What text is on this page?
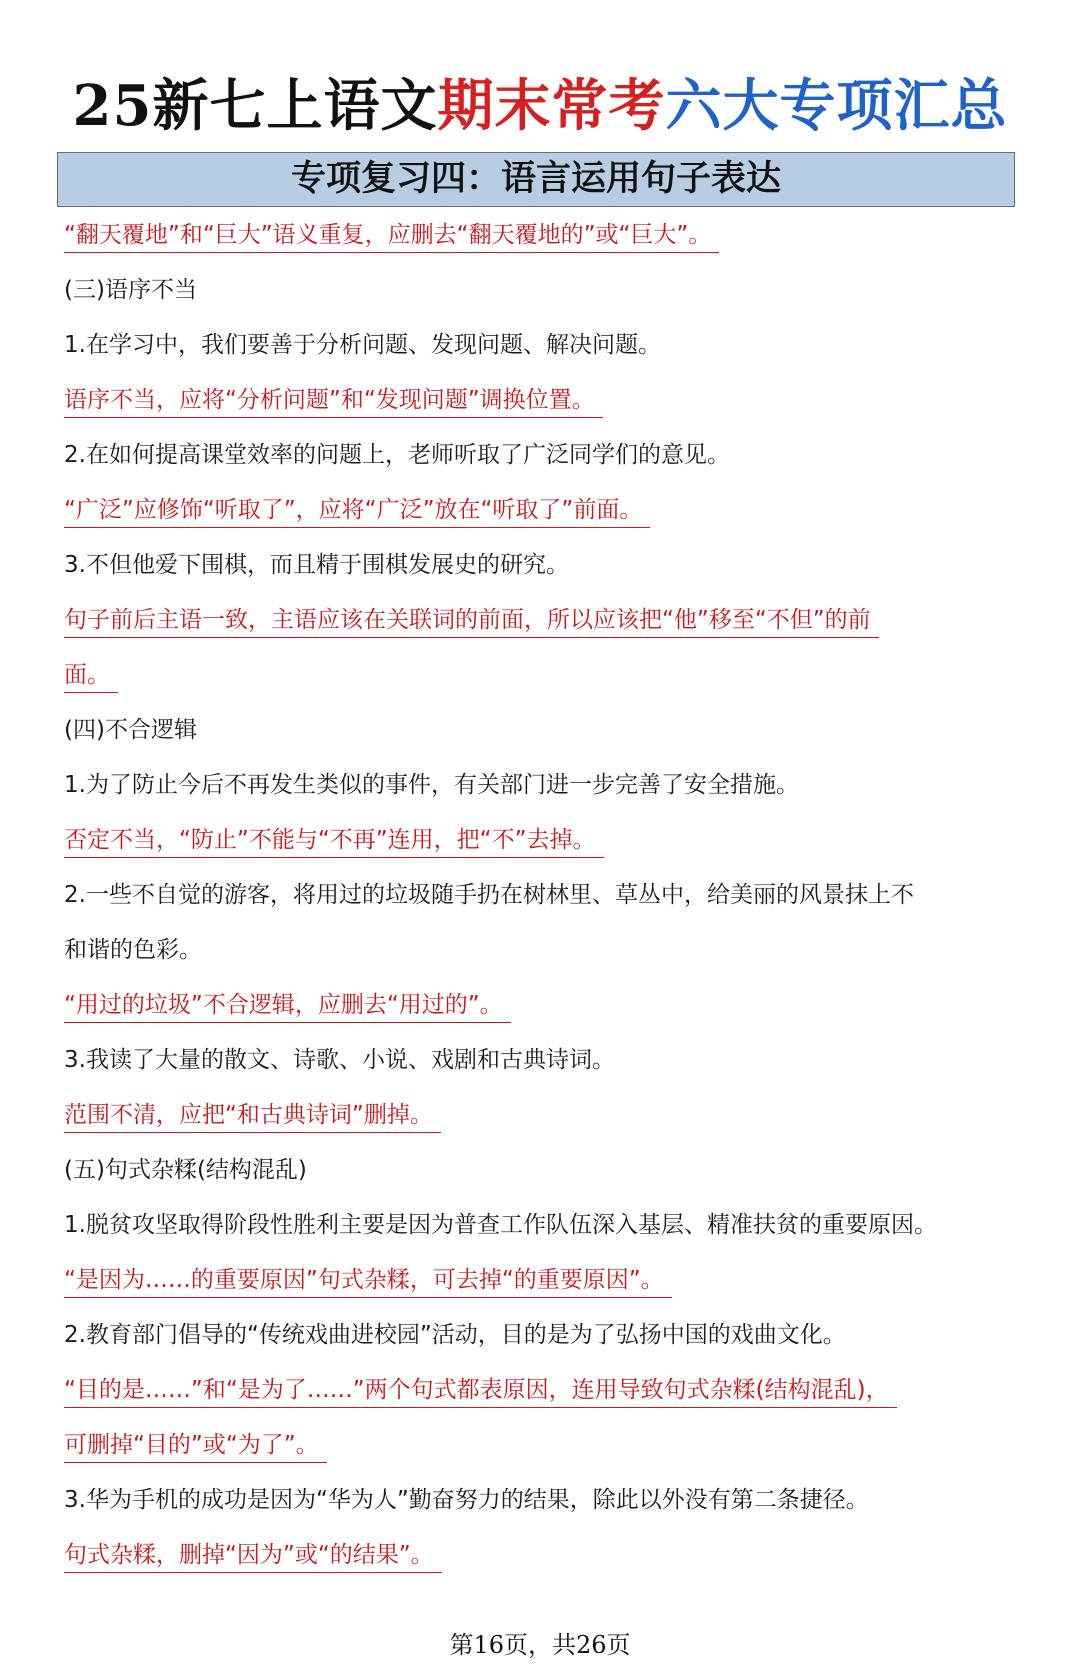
25新七上语文期末常考六大专项汇总
专项复习四：语言运用句子表达
“翻天覆地”和“巨大”语义重复，应删去“翻天覆地的”或“巨大”。
(三)语序不当
1.在学习中，我们要善于分析问题、发现问题、解决问题。
语序不当，应将“分析问题”和“发现问题”调换位置。
2.在如何提高课堂效率的问题上，老师听取了广泛同学们的意见。
“广泛”应修饰“听取了”，应将“广泛”放在“听取了”前面。
3.不但他爱下围棋，而且精于围棋发展史的研究。
句子前后主语一致，主语应该在关联词的前面，所以应该把“他”移至“不但”的前
面。
(四)不合逻辑
1.为了防止今后不再发生类似的事件，有关部门进一步完善了安全措施。
否定不当，“防止”不能与“不再”连用，把“不”去掉。
2.一些不自觉的游客，将用过的垃圾随手扔在树林里、草丛中，给美丽的风景抹上不
和谐的色彩。
“用过的垃圾”不合逻辑，应删去“用过的”。
3.我读了大量的散文、诗歌、小说、戏剧和古典诗词。
范围不清，应把“和古典诗词”删掉。
(五)句式杂糅(结构混乱)
1.脱贫攻坚取得阶段性胜利主要是因为普查工作队伍深入基层、精准扶贫的重要原因。
“是因为……的重要原因”句式杂糅，可去掉“的重要原因”。
2.教育部门倡导的“传统戏曲进校园”活动，目的是为了弘扬中国的戏曲文化。
“目的是……”和“是为了……”两个句式都表原因，连用导致句式杂糅(结构混乱)，
可删掉“目的”或“为了”。
3.华为手机的成功是因为“华为人”勤奋努力的结果，除此以外没有第二条捷径。
句式杂糅，删掉“因为”或“的结果”。
第16页，共26页
